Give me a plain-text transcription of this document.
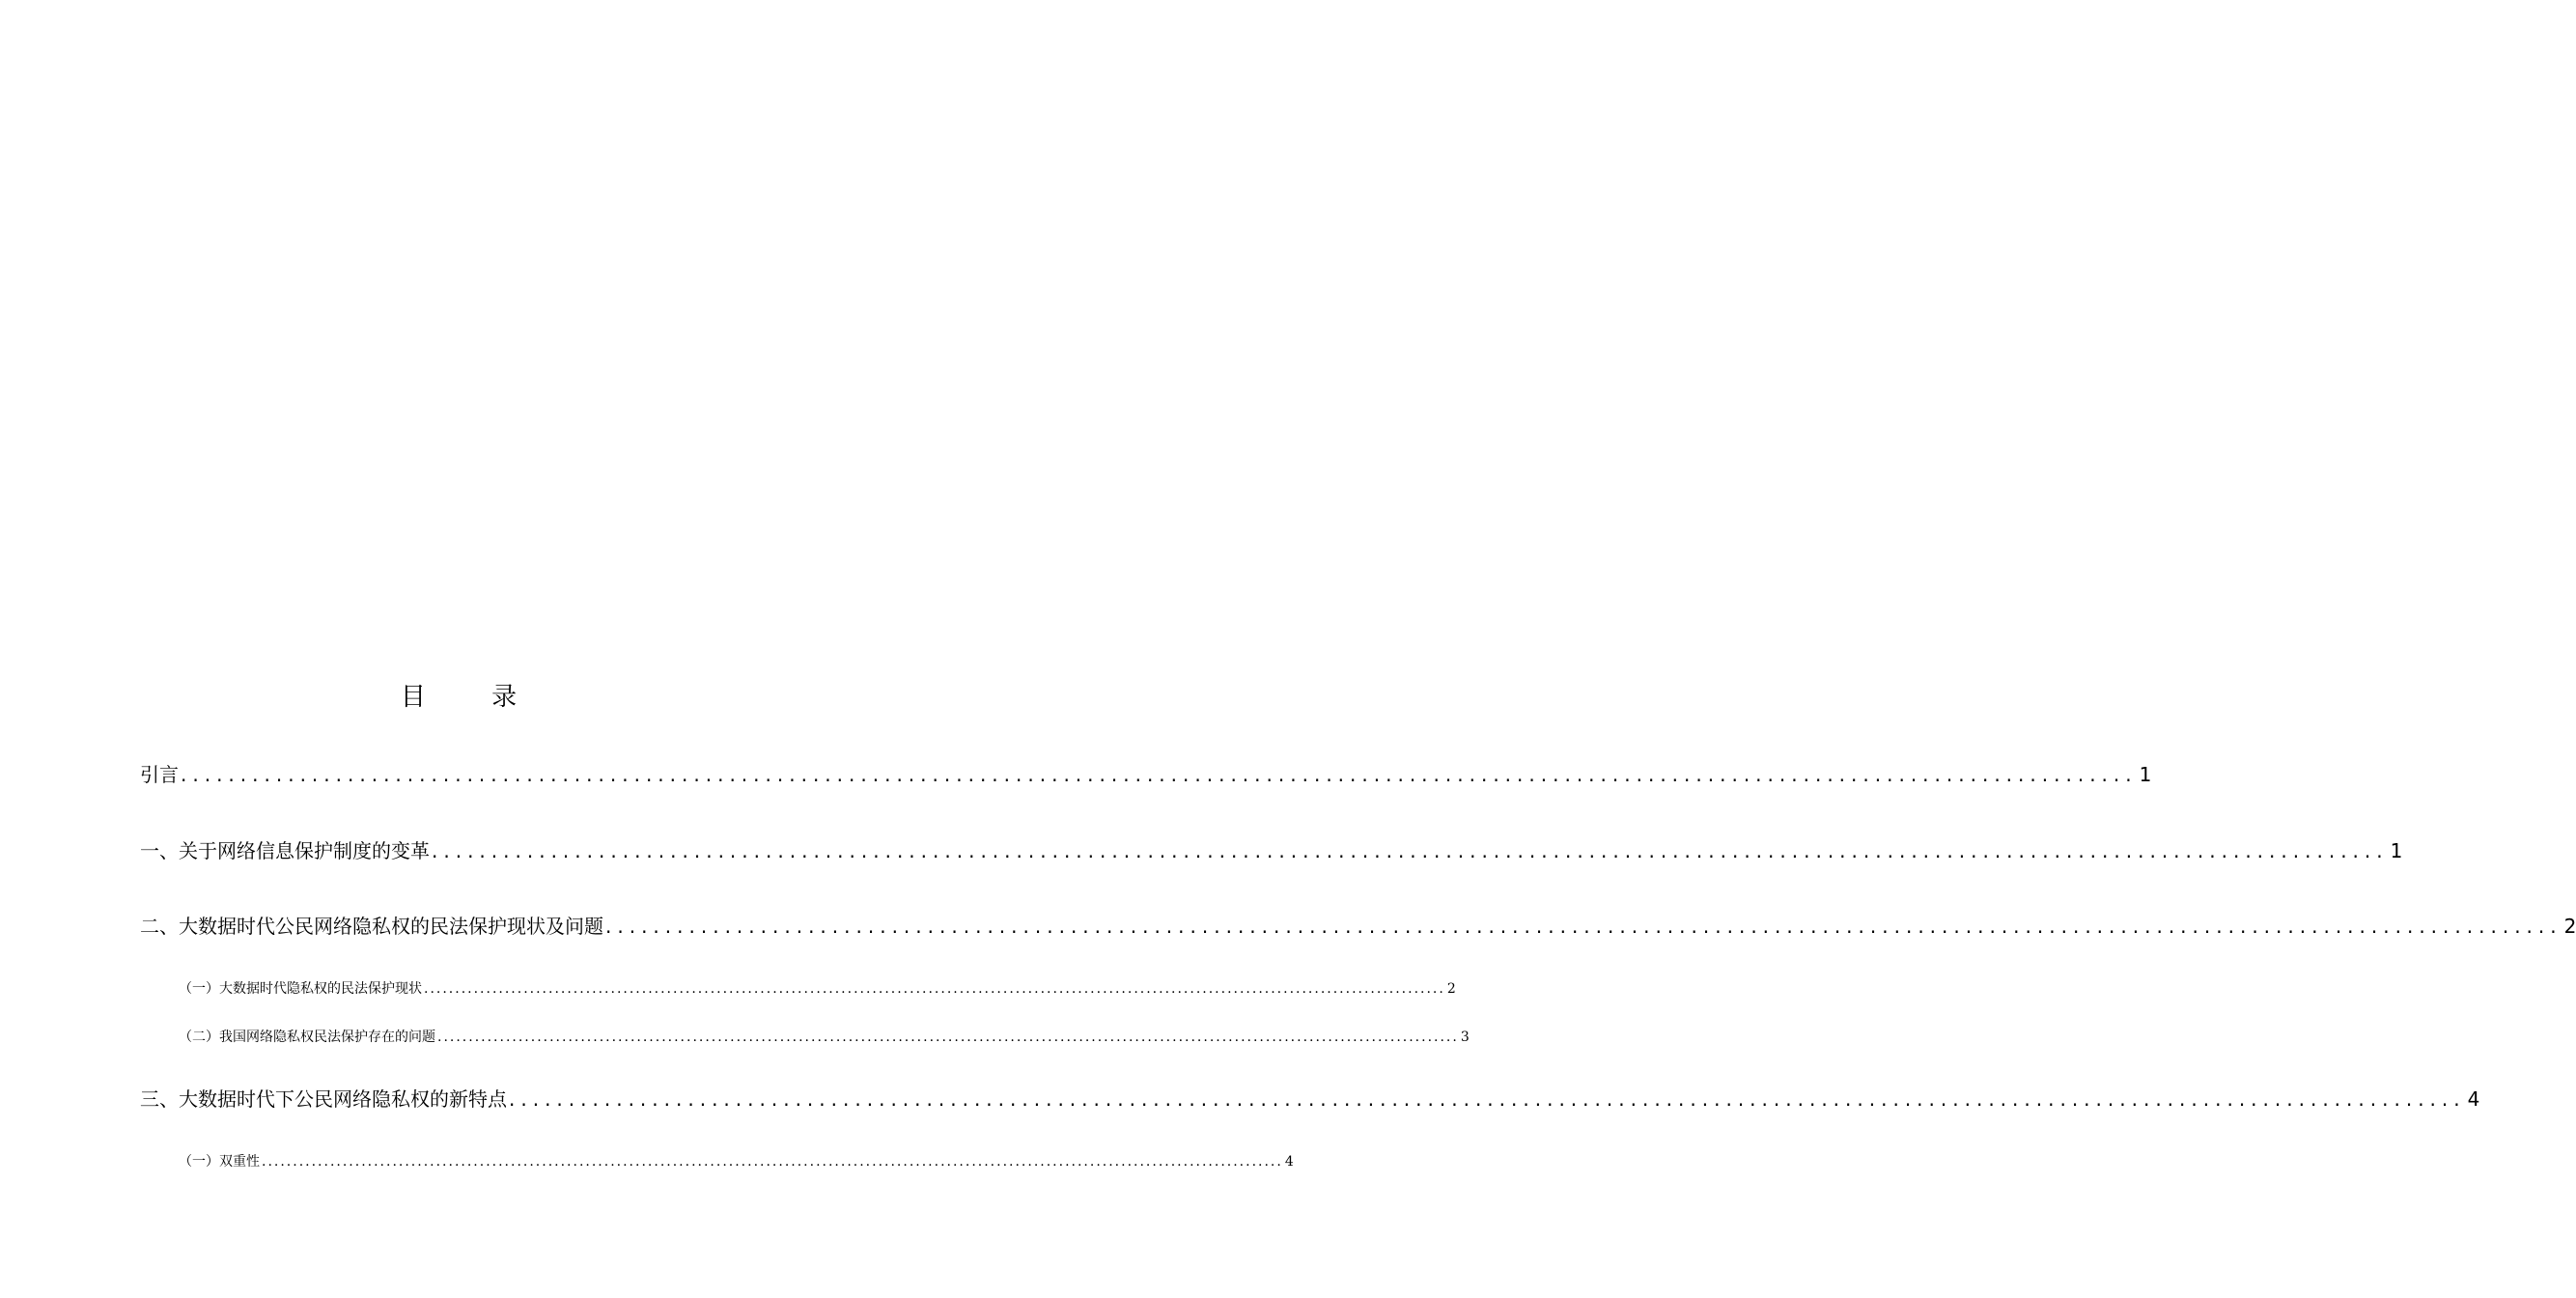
目 录
引言 .................................................................................................................................................................... 1
一、关于网络信息保护制度的变革 .................................................................................................................................................................... 1
二、大数据时代公民网络隐私权的民法保护现状及问题 .................................................................................................................................................................... 2
（一）大数据时代隐私权的民法保护现状 .................................................................................................................................................................... 2
（二）我国网络隐私权民法保护存在的问题 .................................................................................................................................................................... 3
三、大数据时代下公民网络隐私权的新特点 .................................................................................................................................................................... 4
（一）双重性 .................................................................................................................................................................... 4
